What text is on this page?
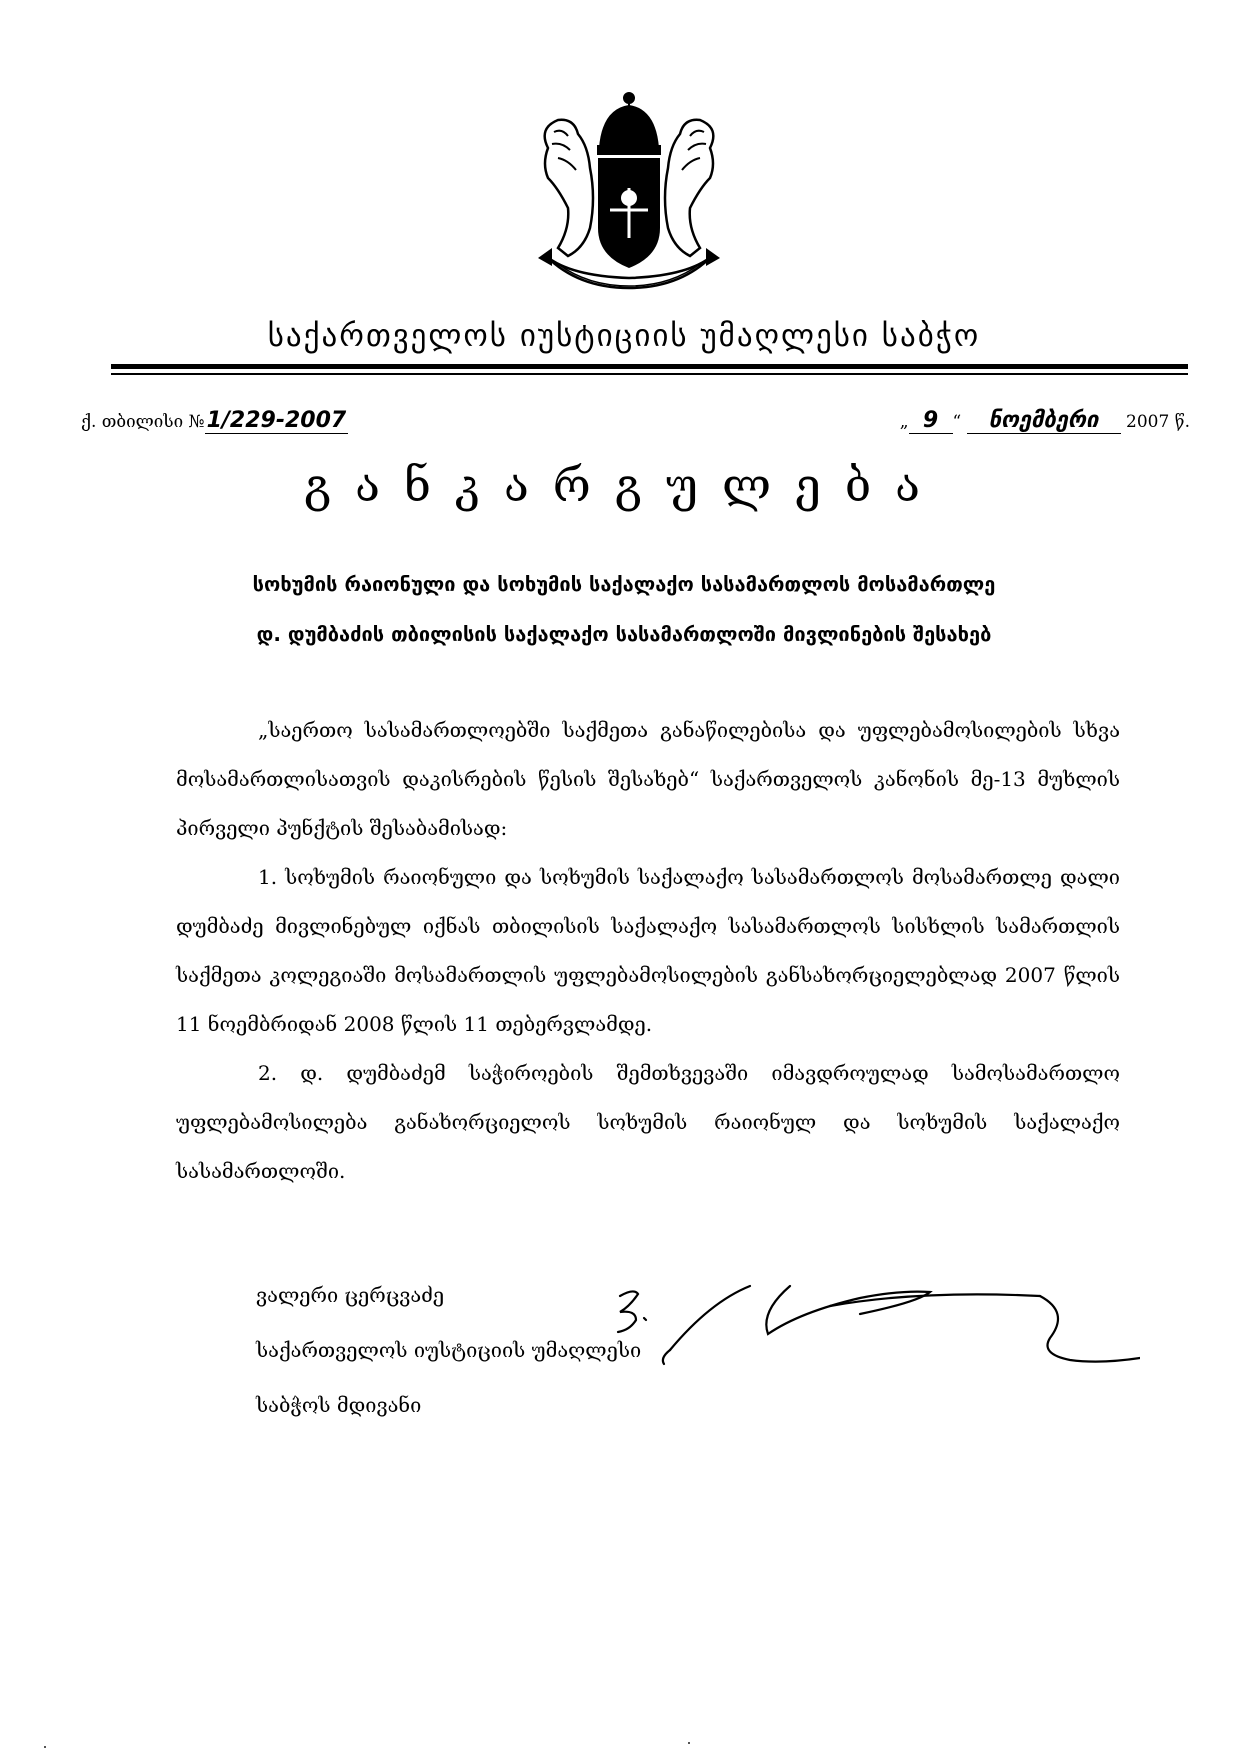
საქართველოს იუსტიციის უმაღლესი საბჭო
ქ. თბილისი №1/229-2007	„ 9 “ ნოემბერი 2007 წ.
განკარგულება
სოხუმის რაიონული და სოხუმის საქალაქო სასამართლოს მოსამართლე
დ. დუმბაძის თბილისის საქალაქო სასამართლოში მივლინების შესახებ

„საერთო სასამართლოებში საქმეთა განაწილებისა და უფლებამოსილების სხვა მოსამართლისათვის დაკისრების წესის შესახებ“ საქართველოს კანონის მე-13 მუხლის პირველი პუნქტის შესაბამისად:

1. სოხუმის რაიონული და სოხუმის საქალაქო სასამართლოს მოსამართლე დალი დუმბაძე მივლინებულ იქნას თბილისის საქალაქო სასამართლოს სისხლის სამართლის საქმეთა კოლეგიაში მოსამართლის უფლებამოსილების განსახორციელებლად 2007 წლის 11 ნოემბრიდან 2008 წლის 11 თებერვლამდე.

2. დ. დუმბაძემ საჭიროების შემთხვევაში იმავდროულად სამოსამართლო უფლებამოსილება განახორციელოს სოხუმის რაიონულ და სოხუმის საქალაქო სასამართლოში.

ვალერი ცერცვაძე
საქართველოს იუსტიციის უმაღლესი
საბჭოს მდივანი
